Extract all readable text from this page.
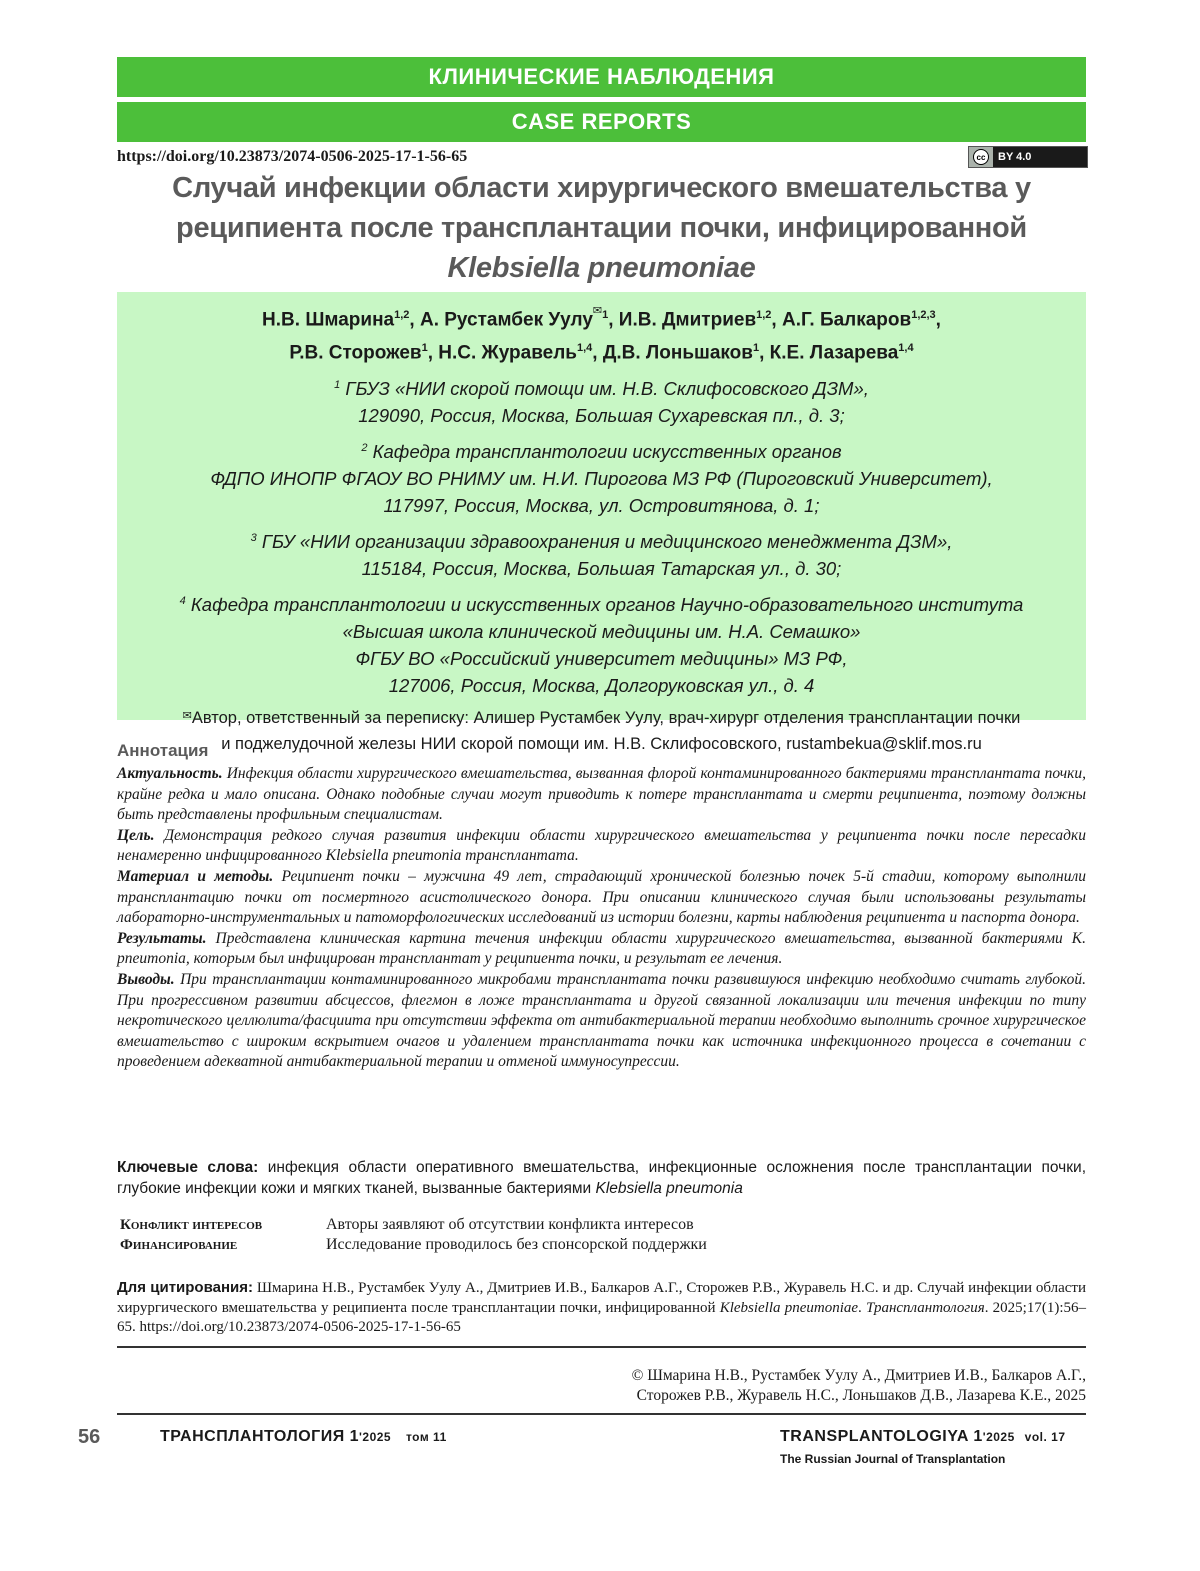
КЛИНИЧЕСКИЕ НАБЛЮДЕНИЯ
CASE REPORTS
https://doi.org/10.23873/2074-0506-2025-17-1-56-65	cc	BY 4.0
Случай инфекции области хирургического вмешательства у
реципиента после трансплантации почки, инфицированной
Klebsiella pneumoniae
Н.В. Шмарина$^{1,2}$, А. Рустамбек Уулу$^{✉1}$, И.В. Дмитриев$^{1,2}$, А.Г. Балкаров$^{1,2,3}$,
Р.В. Сторожев$^1$, Н.С. Журавель$^{1,4}$, Д.В. Лоньшаков$^1$, К.Е. Лазарева$^{1,4}$
$^1$ ГБУЗ «НИИ скорой помощи им. Н.В. Склифосовского ДЗМ»,
129090, Россия, Москва, Большая Сухаревская пл., д. 3;
$^2$ Кафедра трансплантологии искусственных органов
ФДПО ИНОПР ФГАОУ ВО РНИМУ им. Н.И. Пирогова МЗ РФ (Пироговский Университет),
117997, Россия, Москва, ул. Островитянова, д. 1;
$^3$ ГБУ «НИИ организации здравоохранения и медицинского менеджмента ДЗМ»,
115184, Россия, Москва, Большая Татарская ул., д. 30;
$^4$ Кафедра трансплантологии и искусственных органов Научно-образовательного института
«Высшая школа клинической медицины им. Н.А. Семашко»
ФГБУ ВО «Российский университет медицины» МЗ РФ,
127006, Россия, Москва, Долгоруковская ул., д. 4
✉Автор, ответственный за переписку: Алишер Рустамбек Уулу, врач-хирург отделения трансплантации почки
и поджелудочной железы НИИ скорой помощи им. Н.В. Склифосовского, rustambekua@sklif.mos.ru
Аннотация

Актуальность. Инфекция области хирургического вмешательства, вызванная флорой контаминированного бактериями трансплантата почки, крайне редка и мало описана. Однако подобные случаи могут приводить к потере трансплантата и смерти реципиента, поэтому должны быть представлены профильным специалистам.

Цель. Демонстрация редкого случая развития инфекции области хирургического вмешательства у реципиента почки после пересадки ненамеренно инфицированного Klebsiella pneumonia трансплантата.

Материал и методы. Реципиент почки – мужчина 49 лет, страдающий хронической болезнью почек 5-й стадии, которому выполнили трансплантацию почки от посмертного асистолического донора. При описании клинического случая были использованы результаты лабораторно-инструментальных и патоморфологических исследований из истории болезни, карты наблюдения реципиента и паспорта донора.

Результаты. Представлена клиническая картина течения инфекции области хирургического вмешательства, вызванной бактериями K. pneumonia, которым был инфицирован трансплантат у реципиента почки, и результат ее лечения.

Выводы. При трансплантации контаминированного микробами трансплантата почки развившуюся инфекцию необходимо считать глубокой. При прогрессивном развитии абсцессов, флегмон в ложе трансплантата и другой связанной локализации или течения инфекции по типу некротического целлюлита/фасциита при отсутствии эффекта от антибактериальной терапии необходимо выполнить срочное хирургическое вмешательство с широким вскрытием очагов и удалением трансплантата почки как источника инфекционного процесса в сочетании с проведением адекватной антибактериальной терапии и отменой иммуносупрессии.

Ключевые слова: инфекция области оперативного вмешательства, инфекционные осложнения после трансплантации почки, глубокие инфекции кожи и мягких тканей, вызванные бактериями Klebsiella pneumonia
Конфликт интересов	Авторы заявляют об отсутствии конфликта интересов
Финансирование	Исследование проводилось без спонсорской поддержки
Для цитирования: Шмарина Н.В., Рустамбек Уулу А., Дмитриев И.В., Балкаров А.Г., Сторожев Р.В., Журавель Н.С. и др. Случай инфекции области хирургического вмешательства у реципиента после трансплантации почки, инфицированной Klebsiella pneumoniae. Трансплантология. 2025;17(1):56–65. https://doi.org/10.23873/2074-0506-2025-17-1-56-65
© Шмарина Н.В., Рустамбек Уулу А., Дмитриев И.В., Балкаров А.Г.,
Сторожев Р.В., Журавель Н.С., Лоньшаков Д.В., Лазарева К.Е., 2025
56	ТРАНСПЛАНТОЛОГИЯ 1'2025 том 11	TRANSPLANTOLOGIYA 1'2025 vol. 17
The Russian Journal of Transplantation
